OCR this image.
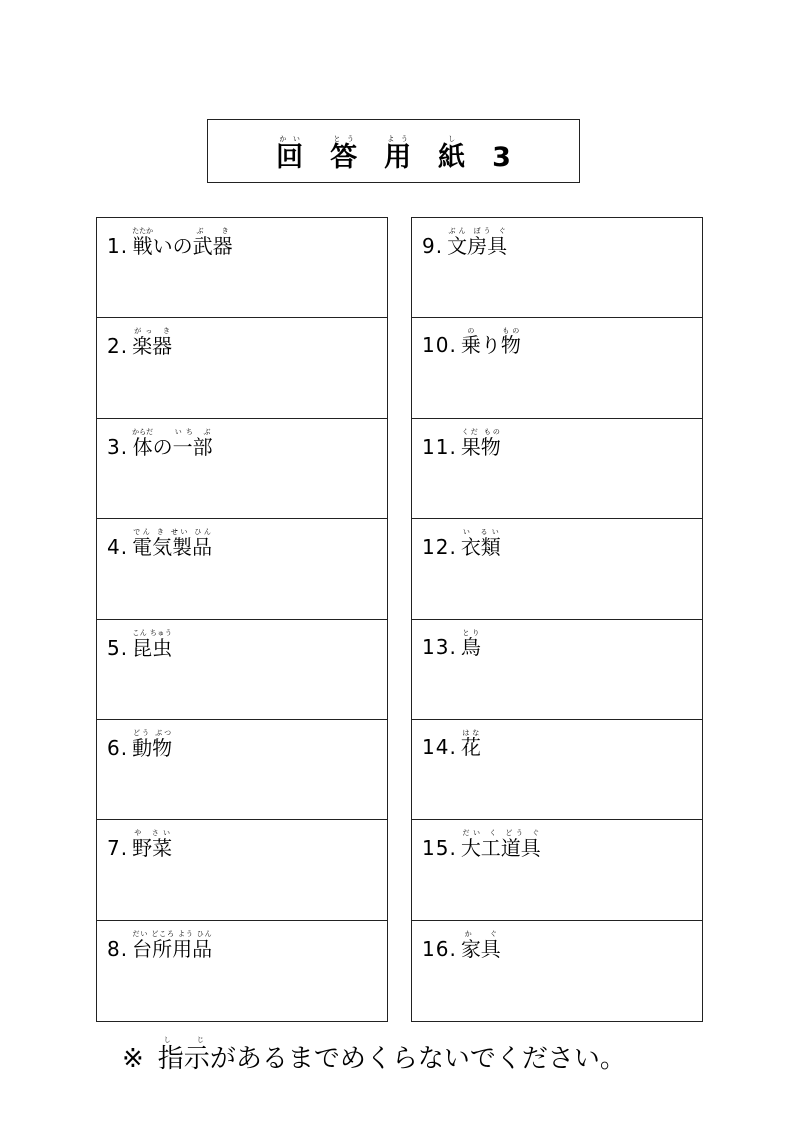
回かい　答とう　用よう　紙し　3
1. 戦たたかいの武器ぶ き
2. 楽器がっ き
3. 体からだの一部いち ぶ
4. 電気製品でん き せい ひん
5. 昆虫こん ちゅう
6. 動物どう ぶつ
7. 野菜や さい
8. 台所用品だい どころ よう ひん
9. 文房具ぶん ぼう ぐ
10. 乗のり物もの
11. 果物くだ もの
12. 衣類い るい
13. 鳥とり
14. 花はな
15. 大工道具だい く どう ぐ
16. 家具か ぐ
※ 指示し じがあるまでめくらないでください。
